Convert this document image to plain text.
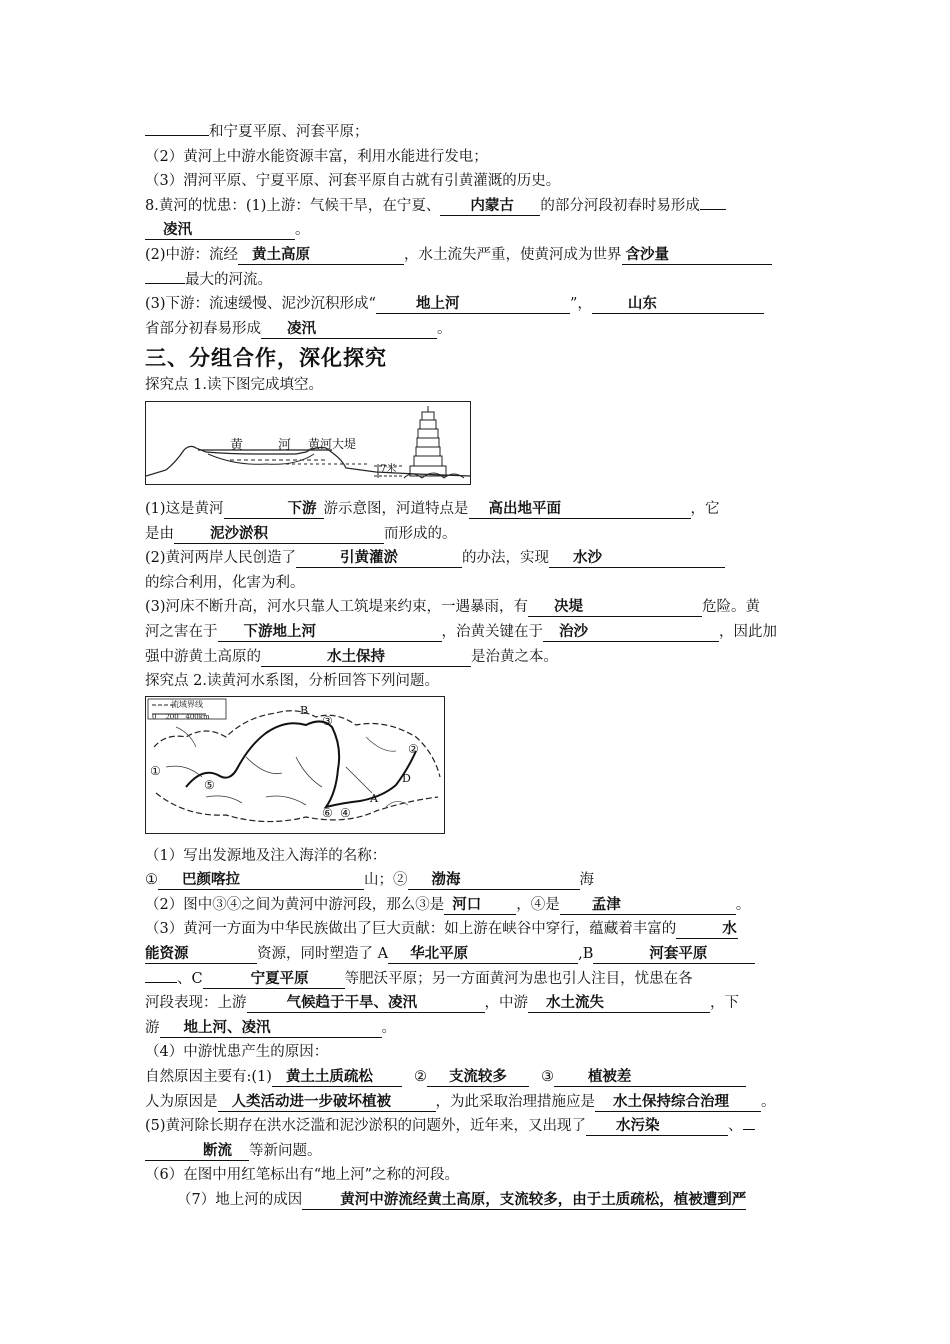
和宁夏平原、河套平原；
（2）黄河上中游水能资源丰富，利用水能进行发电；
（3）渭河平原、宁夏平原、河套平原自古就有引黄灌溉的历史。
8.黄河的忧患：(1)上游：气候干旱，在宁夏、 内蒙古 的部分河段初春时易形成
凌汛	。
(2)中游：流经 黄土高原	，水土流失严重，使黄河成为世界 含沙量
最大的河流。
(3)下游：流速缓慢、泥沙沉积形成“	地上河	”， 山东
省部分初春易形成 凌汛	。
三、分组合作，深化探究
探究点 1.读下图完成填空。
黄	河 黄河大堤
7米
(1)这是黄河	下游 游示意图，河道特点是 高出地平面	，它
是由 泥沙淤积	而形成的。
(2)黄河两岸人民创造了	引黄灌淤	的办法，实现 水沙
的综合利用，化害为利。
(3)河床不断升高，河水只靠人工筑堤来约束，一遇暴雨，有 决堤	危险。黄
河之害在于 下游地上河	，治黄关键在于 治沙	，因此加
强中游黄土高原的	水土保持	是治黄之本。
探究点 2.读黄河水系图，分析回答下列问题。
流域界线
0    200   400km
①
②
③
④
⑤
⑥
A
B
D
（1）写出发源地及注入海洋的名称：
① 巴颜喀拉	山；② 渤海	海
（2）图中③④之间为黄河中游河段，那么③是 河口 ，④是 孟津	。
（3）黄河一方面为中华民族做出了巨大贡献：如上游在峡谷中穿行，蕴藏着丰富的	水
能资源	资源，同时塑造了 A 华北平原	,B	河套平原
、C	宁夏平原 等肥沃平原；另一方面黄河为患也引人注目，忧患在各
河段表现：上游	气候趋于干旱、凌汛	，中游 水土流失	，下
游 地上河、凌汛	。
（4）中游忧患产生的原因：
自然原因主要有:(1) 黄土土质疏松	② 支流较多 ③ 植被差
人为原因是 人类活动进一步破坏植被	，为此采取治理措施应是 水土保持综合治理 。
(5)黄河除长期存在洪水泛滥和泥沙淤积的问题外，近年来，又出现了 水污染	、
断流 等新问题。
（6）在图中用红笔标出有“地上河”之称的河段。
（7）地上河的成因	黄河中游流经黄土高原，支流较多，由于土质疏松，植被遭到严
